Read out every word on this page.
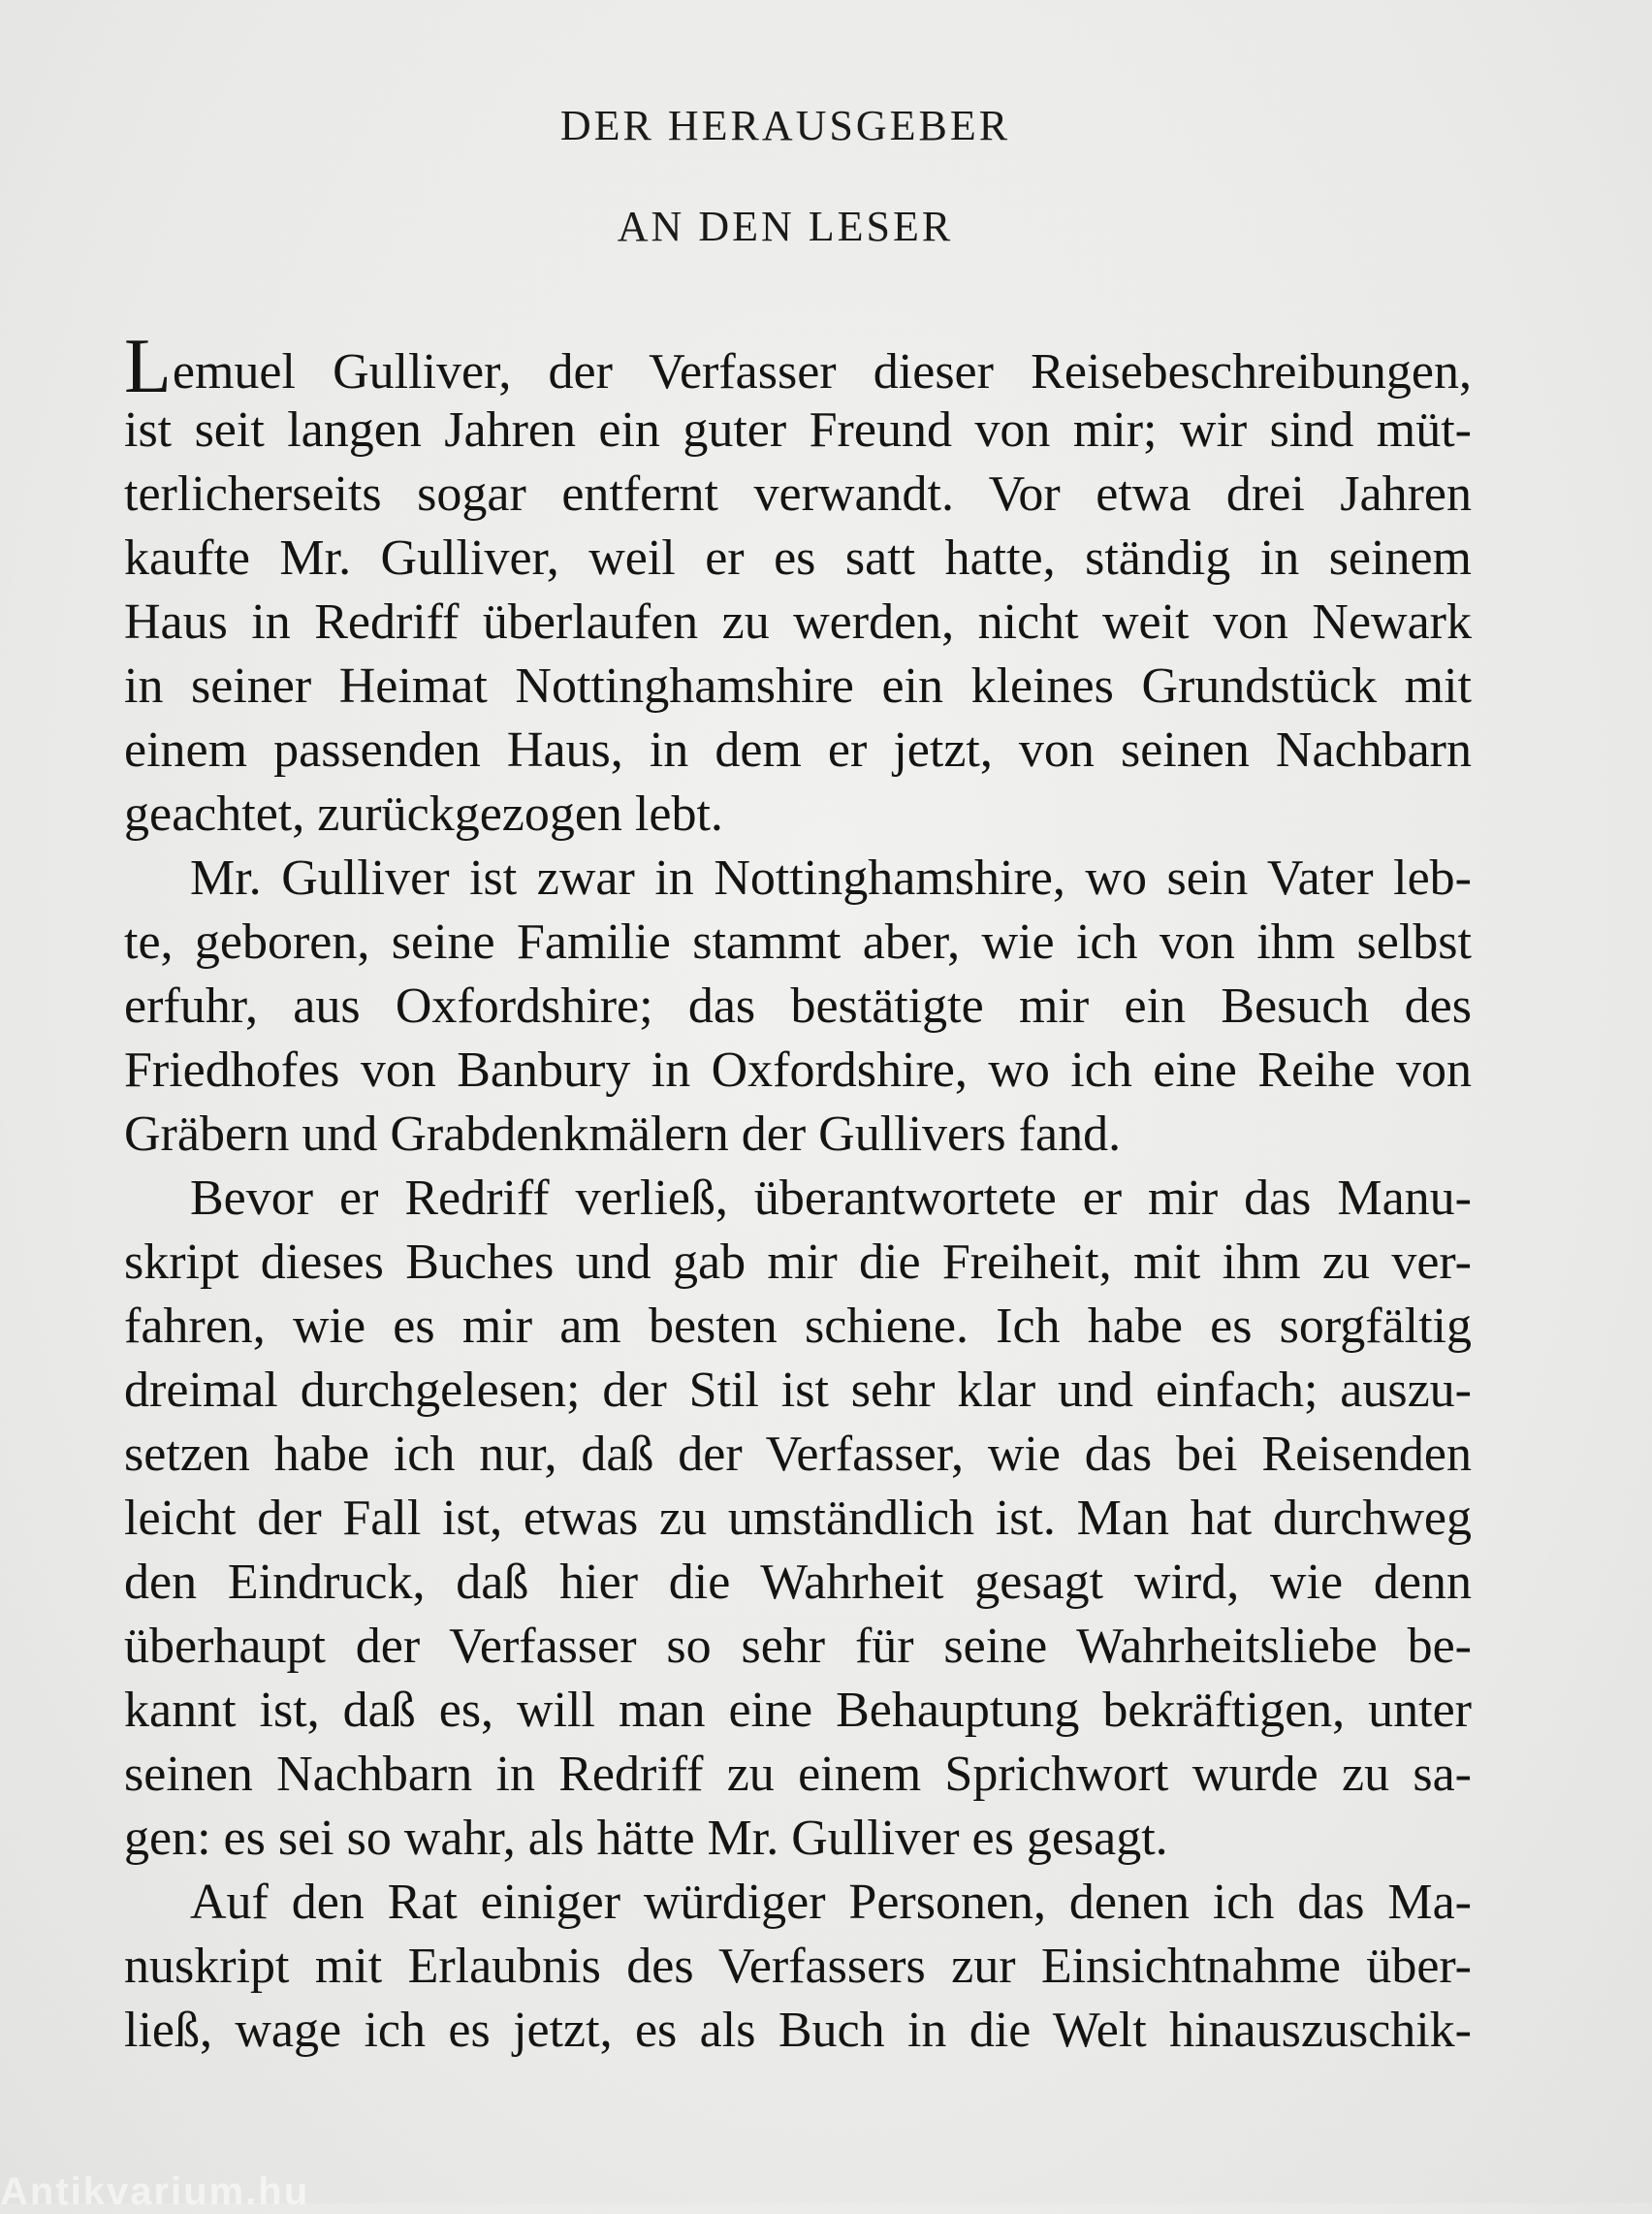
DER HERAUSGEBER
AN DEN LESER
Lemuel Gulliver, der Verfasser dieser Reisebeschreibungen,
ist seit langen Jahren ein guter Freund von mir; wir sind müt-
terlicherseits sogar entfernt verwandt. Vor etwa drei Jahren
kaufte Mr. Gulliver, weil er es satt hatte, ständig in seinem
Haus in Redriff überlaufen zu werden, nicht weit von Newark
in seiner Heimat Nottinghamshire ein kleines Grundstück mit
einem passenden Haus, in dem er jetzt, von seinen Nachbarn
geachtet, zurückgezogen lebt.
Mr. Gulliver ist zwar in Nottinghamshire, wo sein Vater leb-
te, geboren, seine Familie stammt aber, wie ich von ihm selbst
erfuhr, aus Oxfordshire; das bestätigte mir ein Besuch des
Friedhofes von Banbury in Oxfordshire, wo ich eine Reihe von
Gräbern und Grabdenkmälern der Gullivers fand.
Bevor er Redriff verließ, überantwortete er mir das Manu-
skript dieses Buches und gab mir die Freiheit, mit ihm zu ver-
fahren, wie es mir am besten schiene. Ich habe es sorgfältig
dreimal durchgelesen; der Stil ist sehr klar und einfach; auszu-
setzen habe ich nur, daß der Verfasser, wie das bei Reisenden
leicht der Fall ist, etwas zu umständlich ist. Man hat durchweg
den Eindruck, daß hier die Wahrheit gesagt wird, wie denn
überhaupt der Verfasser so sehr für seine Wahrheitsliebe be-
kannt ist, daß es, will man eine Behauptung bekräftigen, unter
seinen Nachbarn in Redriff zu einem Sprichwort wurde zu sa-
gen: es sei so wahr, als hätte Mr. Gulliver es gesagt.
Auf den Rat einiger würdiger Personen, denen ich das Ma-
nuskript mit Erlaubnis des Verfassers zur Einsichtnahme über-
ließ, wage ich es jetzt, es als Buch in die Welt hinauszuschik-
Antikvarium.hu
